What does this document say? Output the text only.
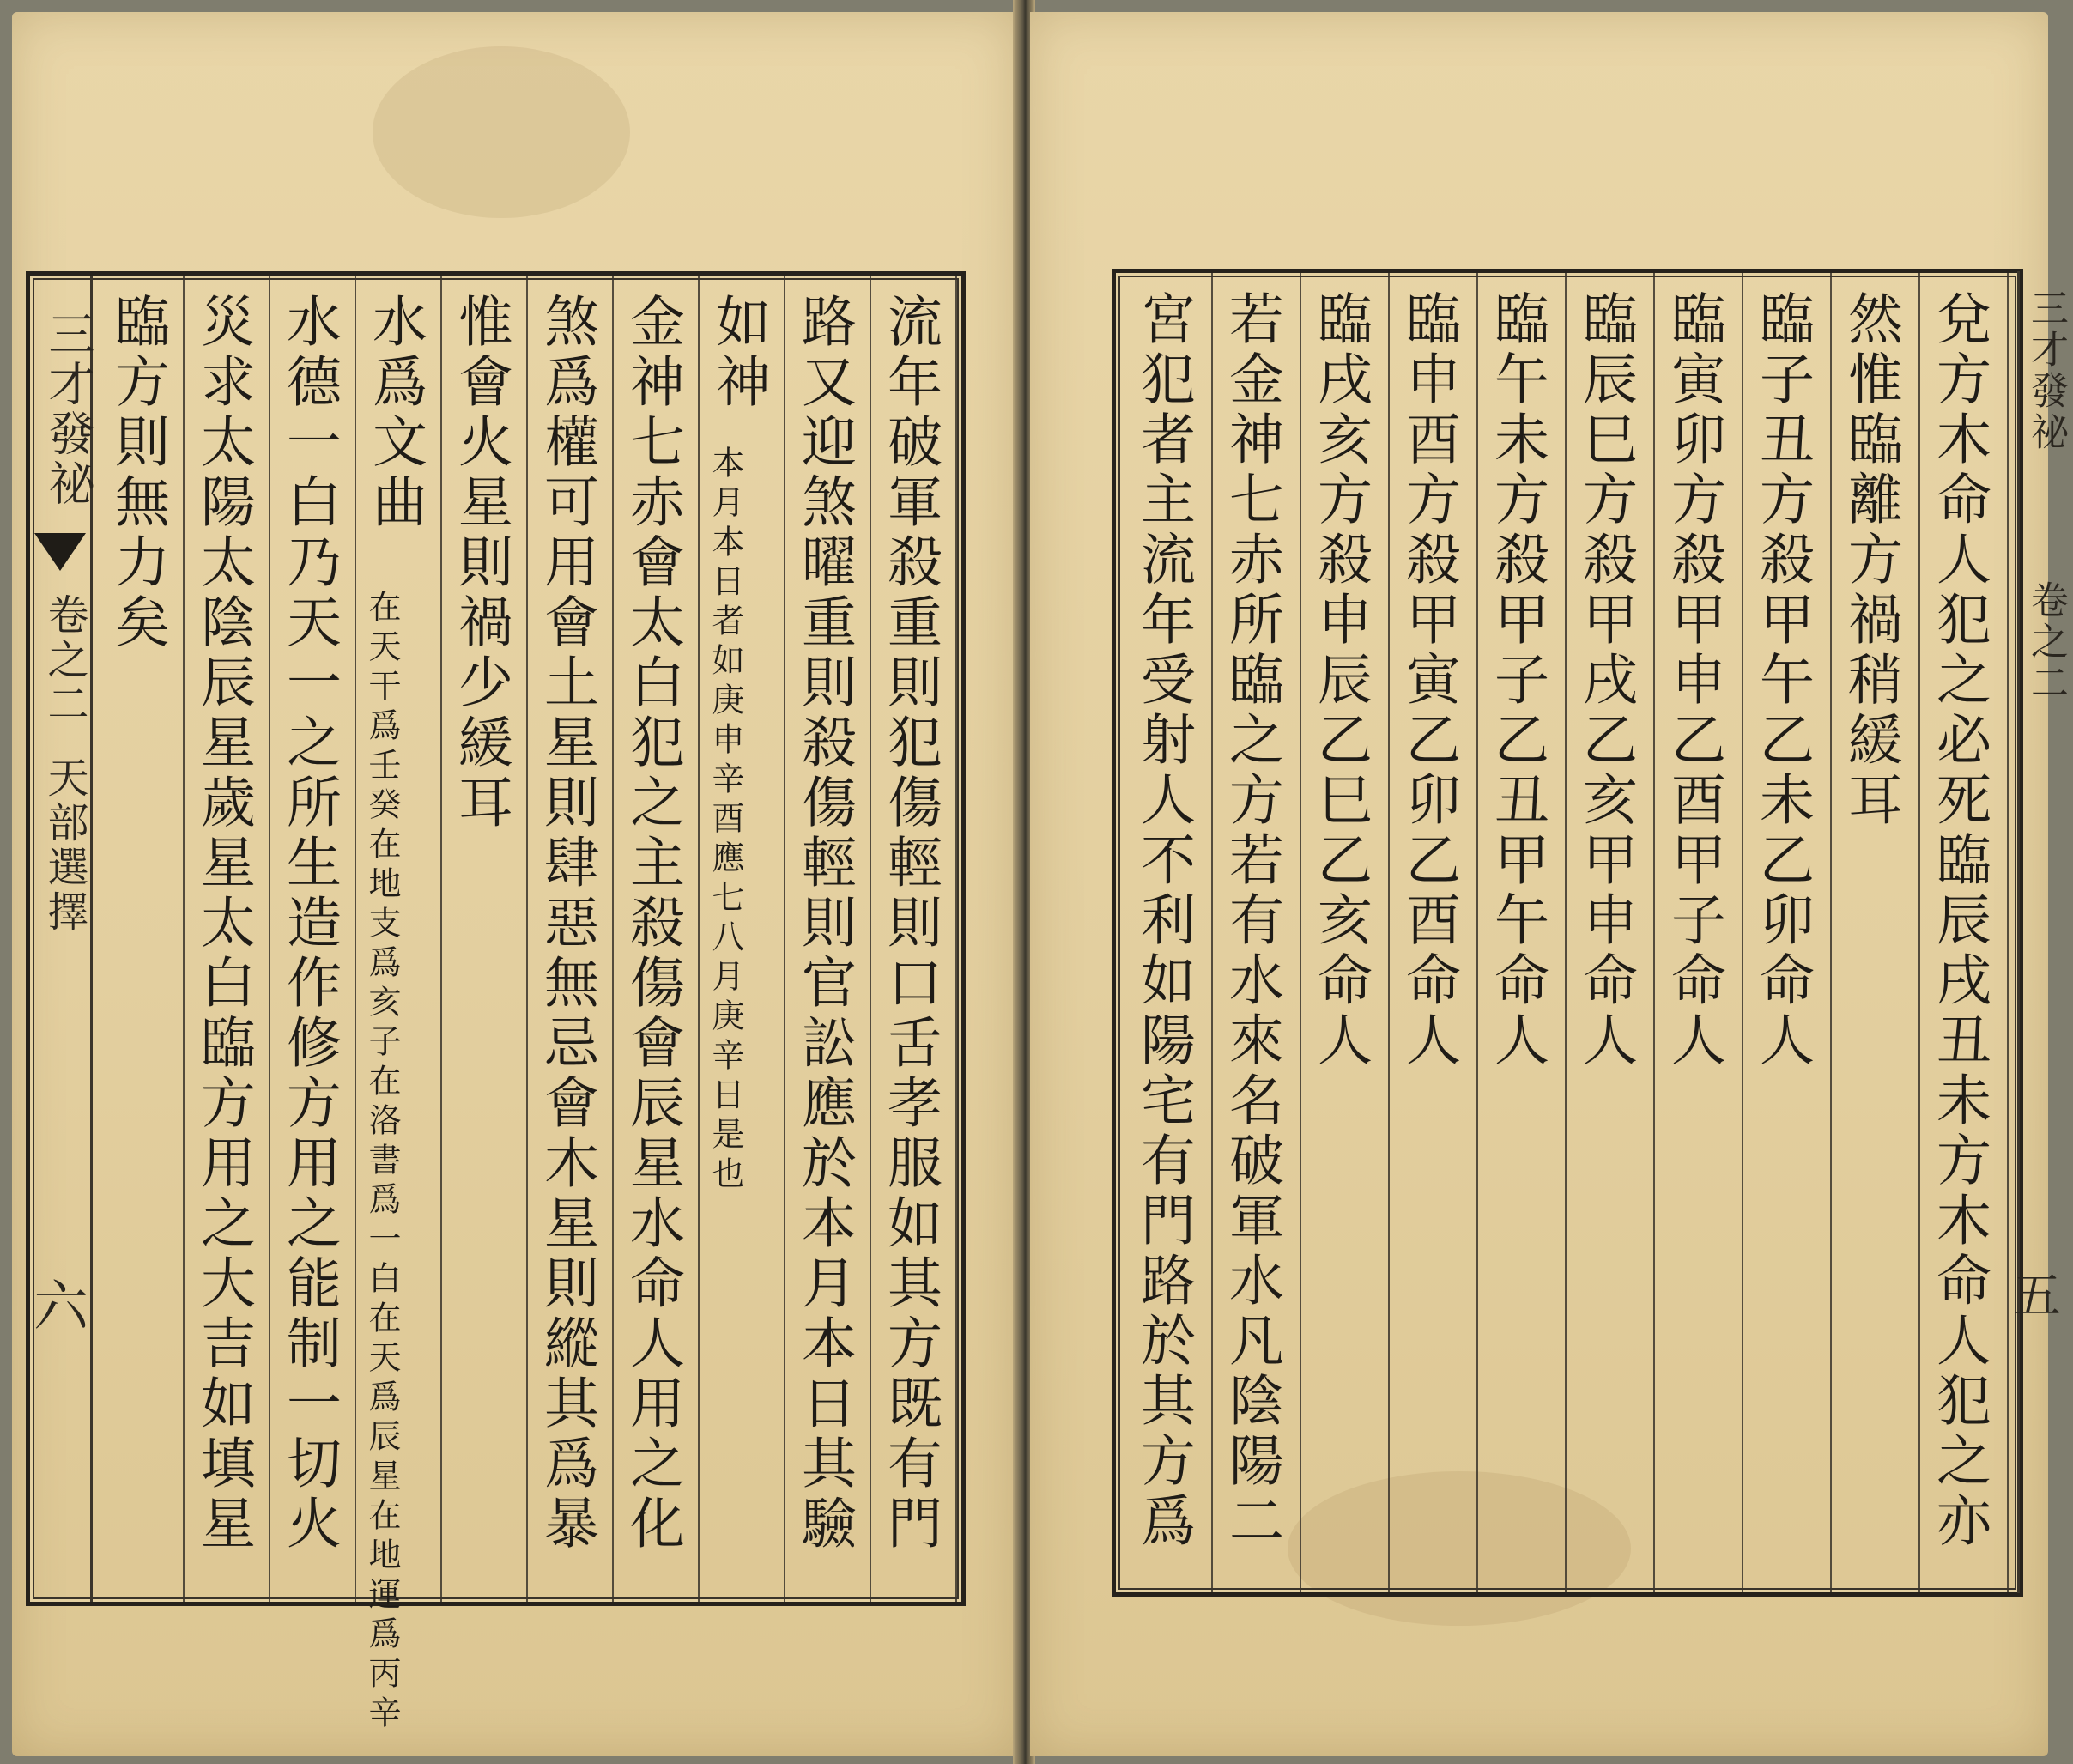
三才發祕
卷之二
天部選擇
六	流年破軍殺重則犯傷輕則口舌孝服如其方既有門
路又迎煞曜重則殺傷輕則官訟應於本月本日其驗
如神
本月本日者如庚申辛酉應七八月庚辛日是也
金神七赤會太白犯之主殺傷會辰星水命人用之化
煞爲權可用會土星則肆惡無忌會木星則縱其爲暴
惟會火星則禍少緩耳
水爲文曲
在天干爲壬癸在地支爲亥子在洛書爲一白在天爲辰星在地運爲丙辛
水德一白乃天一之所生造作修方用之能制一切火
災求太陽太陰辰星歲星太白臨方用之大吉如填星
臨方則無力矣	兌方木命人犯之必死臨辰戌丑未方木命人犯之亦
然惟臨離方禍稍緩耳
臨子丑方殺甲午乙未乙卯命人
臨寅卯方殺甲申乙酉甲子命人
臨辰巳方殺甲戌乙亥甲申命人
臨午未方殺甲子乙丑甲午命人
臨申酉方殺甲寅乙卯乙酉命人
臨戌亥方殺申辰乙巳乙亥命人
若金神七赤所臨之方若有水來名破軍水凡陰陽二
宮犯者主流年受射人不利如陽宅有門路於其方爲	三才發祕
卷之二
五
